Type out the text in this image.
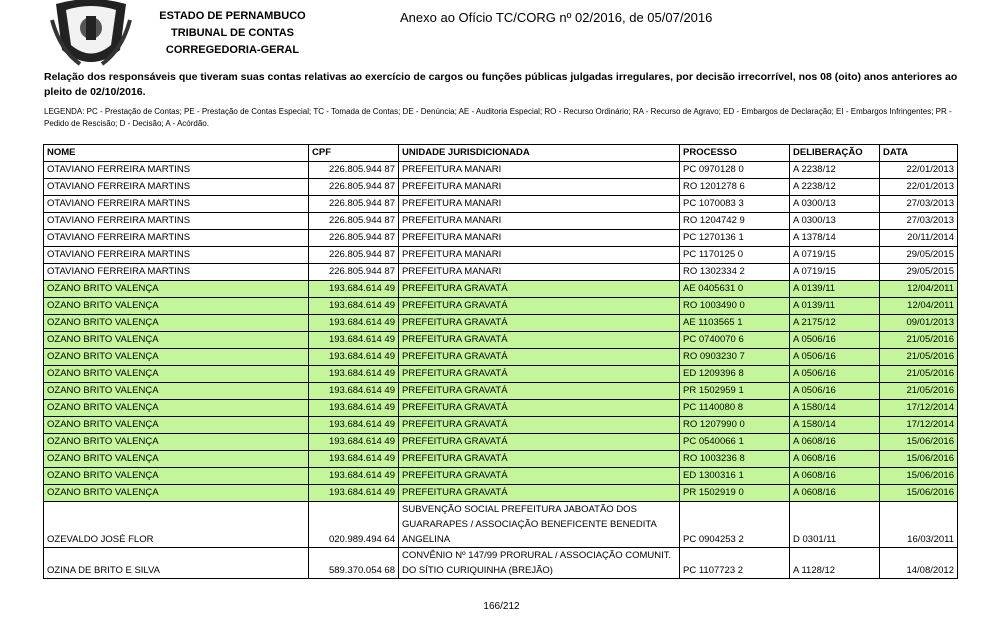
ESTADO DE PERNAMBUCO
TRIBUNAL DE CONTAS
CORREGEDORIA-GERAL
Anexo ao Ofício TC/CORG nº 02/2016, de 05/07/2016
Relação dos responsáveis que tiveram suas contas relativas ao exercício de cargos ou funções públicas julgadas irregulares, por decisão irrecorrível, nos 08 (oito) anos anteriores ao pleito de 02/10/2016.
LEGENDA: PC - Prestação de Contas; PE - Prestação de Contas Especial; TC - Tomada de Contas; DE - Denúncia; AE - Auditoria Especial; RO - Recurso Ordinário; RA - Recurso de Agravo; ED - Embargos de Declaração; EI - Embargos Infringentes; PR - Pedido de Rescisão; D - Decisão; A - Acórdão.
NOME	CPF	UNIDADE JURISDICIONADA	PROCESSO	DELIBERAÇÃO	DATA
OTAVIANO FERREIRA MARTINS	226.805.944 87	PREFEITURA MANARI	PC 0970128 0	A 2238/12	22/01/2013
OTAVIANO FERREIRA MARTINS	226.805.944 87	PREFEITURA MANARI	RO 1201278 6	A 2238/12	22/01/2013
OTAVIANO FERREIRA MARTINS	226.805.944 87	PREFEITURA MANARI	PC 1070083 3	A 0300/13	27/03/2013
OTAVIANO FERREIRA MARTINS	226.805.944 87	PREFEITURA MANARI	RO 1204742 9	A 0300/13	27/03/2013
OTAVIANO FERREIRA MARTINS	226.805.944 87	PREFEITURA MANARI	PC 1270136 1	A 1378/14	20/11/2014
OTAVIANO FERREIRA MARTINS	226.805.944 87	PREFEITURA MANARI	PC 1170125 0	A 0719/15	29/05/2015
OTAVIANO FERREIRA MARTINS	226.805.944 87	PREFEITURA MANARI	RO 1302334 2	A 0719/15	29/05/2015
OZANO BRITO VALENÇA	193.684.614 49	PREFEITURA GRAVATÁ	AE 0405631 0	A 0139/11	12/04/2011
OZANO BRITO VALENÇA	193.684.614 49	PREFEITURA GRAVATÁ	RO 1003490 0	A 0139/11	12/04/2011
OZANO BRITO VALENÇA	193.684.614 49	PREFEITURA GRAVATÁ	AE 1103565 1	A 2175/12	09/01/2013
OZANO BRITO VALENÇA	193.684.614 49	PREFEITURA GRAVATÁ	PC 0740070 6	A 0506/16	21/05/2016
OZANO BRITO VALENÇA	193.684.614 49	PREFEITURA GRAVATÁ	RO 0903230 7	A 0506/16	21/05/2016
OZANO BRITO VALENÇA	193.684.614 49	PREFEITURA GRAVATÁ	ED 1209396 8	A 0506/16	21/05/2016
OZANO BRITO VALENÇA	193.684.614 49	PREFEITURA GRAVATÁ	PR 1502959 1	A 0506/16	21/05/2016
OZANO BRITO VALENÇA	193.684.614 49	PREFEITURA GRAVATÁ	PC 1140080 8	A 1580/14	17/12/2014
OZANO BRITO VALENÇA	193.684.614 49	PREFEITURA GRAVATÁ	RO 1207990 0	A 1580/14	17/12/2014
OZANO BRITO VALENÇA	193.684.614 49	PREFEITURA GRAVATÁ	PC 0540066 1	A 0608/16	15/06/2016
OZANO BRITO VALENÇA	193.684.614 49	PREFEITURA GRAVATÁ	RO 1003236 8	A 0608/16	15/06/2016
OZANO BRITO VALENÇA	193.684.614 49	PREFEITURA GRAVATÁ	ED 1300316 1	A 0608/16	15/06/2016
OZANO BRITO VALENÇA	193.684.614 49	PREFEITURA GRAVATÁ	PR 1502919 0	A 0608/16	15/06/2016
OZEVALDO JOSÉ FLOR	020.989.494 64	SUBVENÇÃO SOCIAL PREFEITURA JABOATÃO DOS GUARARAPES / ASSOCIAÇÃO BENEFICENTE BENEDITA ANGELINA	PC 0904253 2	D 0301/11	16/03/2011
OZINA DE BRITO E SILVA	589.370.054 68	CONVÊNIO Nº 147/99 PRORURAL / ASSOCIAÇÃO COMUNIT. DO SÍTIO CURIQUINHA (BREJÃO)	PC 1107723 2	A 1128/12	14/08/2012
166/212
